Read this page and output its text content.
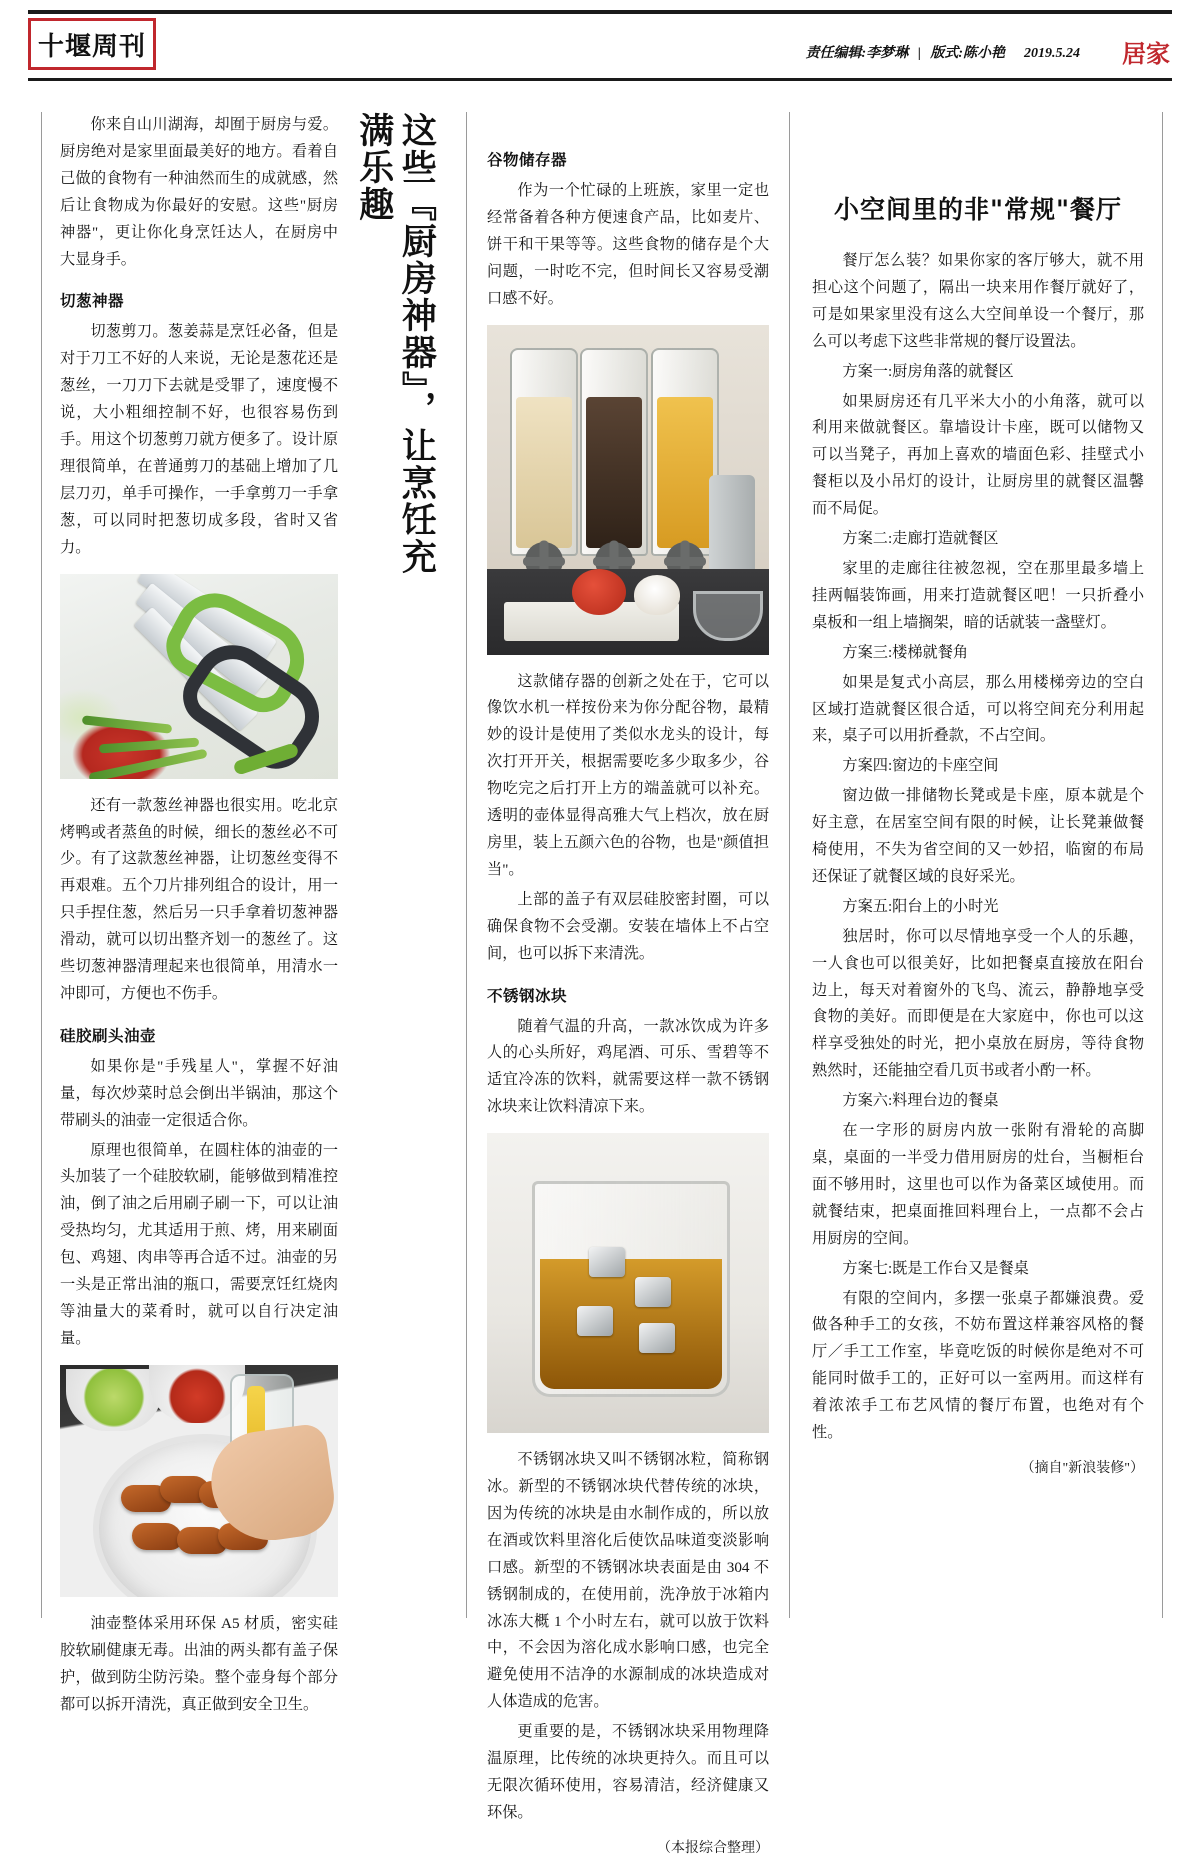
十堰周刊	责任编辑:李梦琳 | 版式:陈小艳 2019.5.24 居家

你来自山川湖海，却囿于厨房与爱。厨房绝对是家里面最美好的地方。看着自己做的食物有一种油然而生的成就感，然后让食物成为你最好的安慰。这些"厨房神器"，更让你化身烹饪达人，在厨房中大显身手。

切葱神器

切葱剪刀。葱姜蒜是烹饪必备，但是对于刀工不好的人来说，无论是葱花还是葱丝，一刀刀下去就是受罪了，速度慢不说，大小粗细控制不好，也很容易伤到手。用这个切葱剪刀就方便多了。设计原理很简单，在普通剪刀的基础上增加了几层刀刃，单手可操作，一手拿剪刀一手拿葱，可以同时把葱切成多段，省时又省力。

还有一款葱丝神器也很实用。吃北京烤鸭或者蒸鱼的时候，细长的葱丝必不可少。有了这款葱丝神器，让切葱丝变得不再艰难。五个刀片排列组合的设计，用一只手捏住葱，然后另一只手拿着切葱神器滑动，就可以切出整齐划一的葱丝了。这些切葱神器清理起来也很简单，用清水一冲即可，方便也不伤手。

硅胶刷头油壶

如果你是"手残星人"，掌握不好油量，每次炒菜时总会倒出半锅油，那这个带刷头的油壶一定很适合你。

原理也很简单，在圆柱体的油壶的一头加装了一个硅胶软刷，能够做到精准控油，倒了油之后用刷子刷一下，可以让油受热均匀，尤其适用于煎、烤，用来刷面包、鸡翅、肉串等再合适不过。油壶的另一头是正常出油的瓶口，需要烹饪红烧肉等油量大的菜肴时，就可以自行决定油量。

油壶整体采用环保 A5 材质，密实硅胶软刷健康无毒。出油的两头都有盖子保护，做到防尘防污染。整个壶身每个部分都可以拆开清洗，真正做到安全卫生。

这些『厨房神器』，让烹饪充满乐趣	谷物储存器

作为一个忙碌的上班族，家里一定也经常备着各种方便速食产品，比如麦片、饼干和干果等等。这些食物的储存是个大问题，一时吃不完，但时间长又容易受潮口感不好。

这款储存器的创新之处在于，它可以像饮水机一样按份来为你分配谷物，最精妙的设计是使用了类似水龙头的设计，每次打开开关，根据需要吃多少取多少，谷物吃完之后打开上方的端盖就可以补充。透明的壶体显得高雅大气上档次，放在厨房里，装上五颜六色的谷物，也是"颜值担当"。

上部的盖子有双层硅胶密封圈，可以确保食物不会受潮。安装在墙体上不占空间，也可以拆下来清洗。

不锈钢冰块

随着气温的升高，一款冰饮成为许多人的心头所好，鸡尾酒、可乐、雪碧等不适宜冷冻的饮料，就需要这样一款不锈钢冰块来让饮料清凉下来。

不锈钢冰块又叫不锈钢冰粒，简称钢冰。新型的不锈钢冰块代替传统的冰块，因为传统的冰块是由水制作成的，所以放在酒或饮料里溶化后使饮品味道变淡影响口感。新型的不锈钢冰块表面是由 304 不锈钢制成的，在使用前，洗净放于冰箱内冰冻大概 1 个小时左右，就可以放于饮料中，不会因为溶化成水影响口感，也完全避免使用不洁净的水源制成的冰块造成对人体造成的危害。

更重要的是，不锈钢冰块采用物理降温原理，比传统的冰块更持久。而且可以无限次循环使用，容易清洁，经济健康又环保。

（本报综合整理）
小空间里的非"常规"餐厅

餐厅怎么装？如果你家的客厅够大，就不用担心这个问题了，隔出一块来用作餐厅就好了，可是如果家里没有这么大空间单设一个餐厅，那么可以考虑下这些非常规的餐厅设置法。

方案一:厨房角落的就餐区

如果厨房还有几平米大小的小角落，就可以利用来做就餐区。靠墙设计卡座，既可以储物又可以当凳子，再加上喜欢的墙面色彩、挂壁式小餐柜以及小吊灯的设计，让厨房里的就餐区温馨而不局促。

方案二:走廊打造就餐区

家里的走廊往往被忽视，空在那里最多墙上挂两幅装饰画，用来打造就餐区吧！一只折叠小桌板和一组上墙搁架，暗的话就装一盏壁灯。

方案三:楼梯就餐角

如果是复式小高层，那么用楼梯旁边的空白区域打造就餐区很合适，可以将空间充分利用起来，桌子可以用折叠款，不占空间。

方案四:窗边的卡座空间

窗边做一排储物长凳或是卡座，原本就是个好主意，在居室空间有限的时候，让长凳兼做餐椅使用，不失为省空间的又一妙招，临窗的布局还保证了就餐区域的良好采光。

方案五:阳台上的小时光

独居时，你可以尽情地享受一个人的乐趣，一人食也可以很美好，比如把餐桌直接放在阳台边上，每天对着窗外的飞鸟、流云，静静地享受食物的美好。而即便是在大家庭中，你也可以这样享受独处的时光，把小桌放在厨房，等待食物熟然时，还能抽空看几页书或者小酌一杯。

方案六:料理台边的餐桌

在一字形的厨房内放一张附有滑轮的高脚桌，桌面的一半受力借用厨房的灶台，当橱柜台面不够用时，这里也可以作为备菜区域使用。而就餐结束，把桌面推回料理台上，一点都不会占用厨房的空间。

方案七:既是工作台又是餐桌

有限的空间内，多摆一张桌子都嫌浪费。爱做各种手工的女孩，不妨布置这样兼容风格的餐厅／手工工作室，毕竟吃饭的时候你是绝对不可能同时做手工的，正好可以一室两用。而这样有着浓浓手工布艺风情的餐厅布置，也绝对有个性。

（摘自"新浪装修"）
